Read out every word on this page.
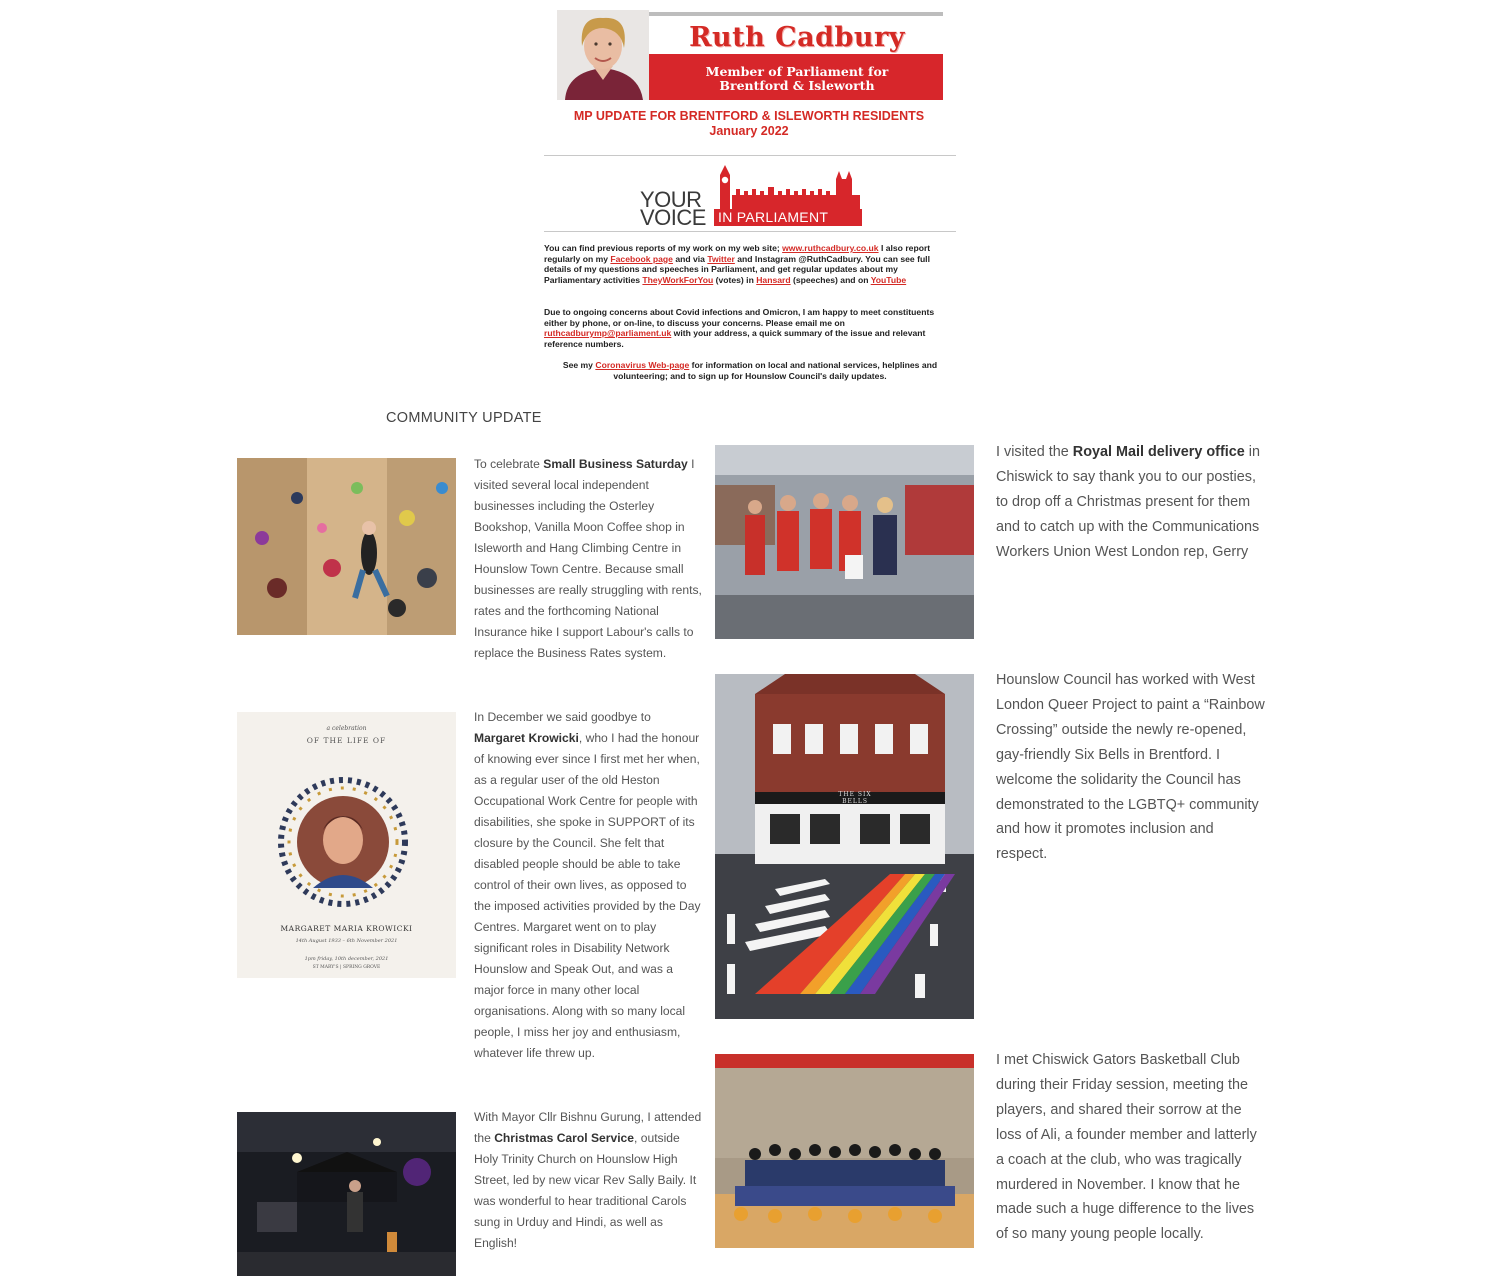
Ruth Cadbury
Member of Parliament for
Brentford & Isleworth
MP UPDATE FOR BRENTFORD & ISLEWORTH RESIDENTS
January 2022
YOUR
VOICE IN PARLIAMENT
You can find previous reports of my work on my web site; www.ruthcadbury.co.uk I also report regularly on my Facebook page and via Twitter and Instagram @RuthCadbury. You can see full details of my questions and speeches in Parliament, and get regular updates about my Parliamentary activities TheyWorkForYou (votes) in Hansard (speeches) and on YouTube
Due to ongoing concerns about Covid infections and Omicron, I am happy to meet constituents either by phone, or on-line, to discuss your concerns. Please email me on ruthcadburymp@parliament.uk with your address, a quick summary of the issue and relevant reference numbers.
See my Coronavirus Web-page for information on local and national services, helplines and volunteering; and to sign up for Hounslow Council's daily updates.
COMMUNITY UPDATE
a celebration
OF THE LIFE OF
MARGARET MARIA KROWICKI
14th August 1933 – 6th November 2021
1pm friday, 10th december, 2021
ST MARY'S | SPRING GROVE
THE SIX BELLS
To celebrate Small Business Saturday I visited several local independent businesses including the Osterley Bookshop, Vanilla Moon Coffee shop in Isleworth and Hang Climbing Centre in Hounslow Town Centre. Because small businesses are really struggling with rents, rates and the forthcoming National Insurance hike I support Labour's calls to replace the Business Rates system.
In December we said goodbye to Margaret Krowicki, who I had the honour of knowing ever since I first met her when, as a regular user of the old Heston Occupational Work Centre for people with disabilities, she spoke in SUPPORT of its closure by the Council. She felt that disabled people should be able to take control of their own lives, as opposed to the imposed activities provided by the Day Centres. Margaret went on to play significant roles in Disability Network Hounslow and Speak Out, and was a major force in many other local organisations. Along with so many local people, I miss her joy and enthusiasm, whatever life threw up.
With Mayor Cllr Bishnu Gurung, I attended the Christmas Carol Service, outside Holy Trinity Church on Hounslow High Street, led by new vicar Rev Sally Baily. It was wonderful to hear traditional Carols sung in Urduy and Hindi, as well as English!
I visited the Royal Mail delivery office in Chiswick to say thank you to our posties, to drop off a Christmas present for them and to catch up with the Communications Workers Union West London rep, Gerry
Hounslow Council has worked with West London Queer Project to paint a “Rainbow Crossing” outside the newly re-opened, gay-friendly Six Bells in Brentford. I welcome the solidarity the Council has demonstrated to the LGBTQ+ community and how it promotes inclusion and respect.
I met Chiswick Gators Basketball Club during their Friday session, meeting the players, and shared their sorrow at the loss of Ali, a founder member and latterly a coach at the club, who was tragically murdered in November. I know that he made such a huge difference to the lives of so many young people locally.
